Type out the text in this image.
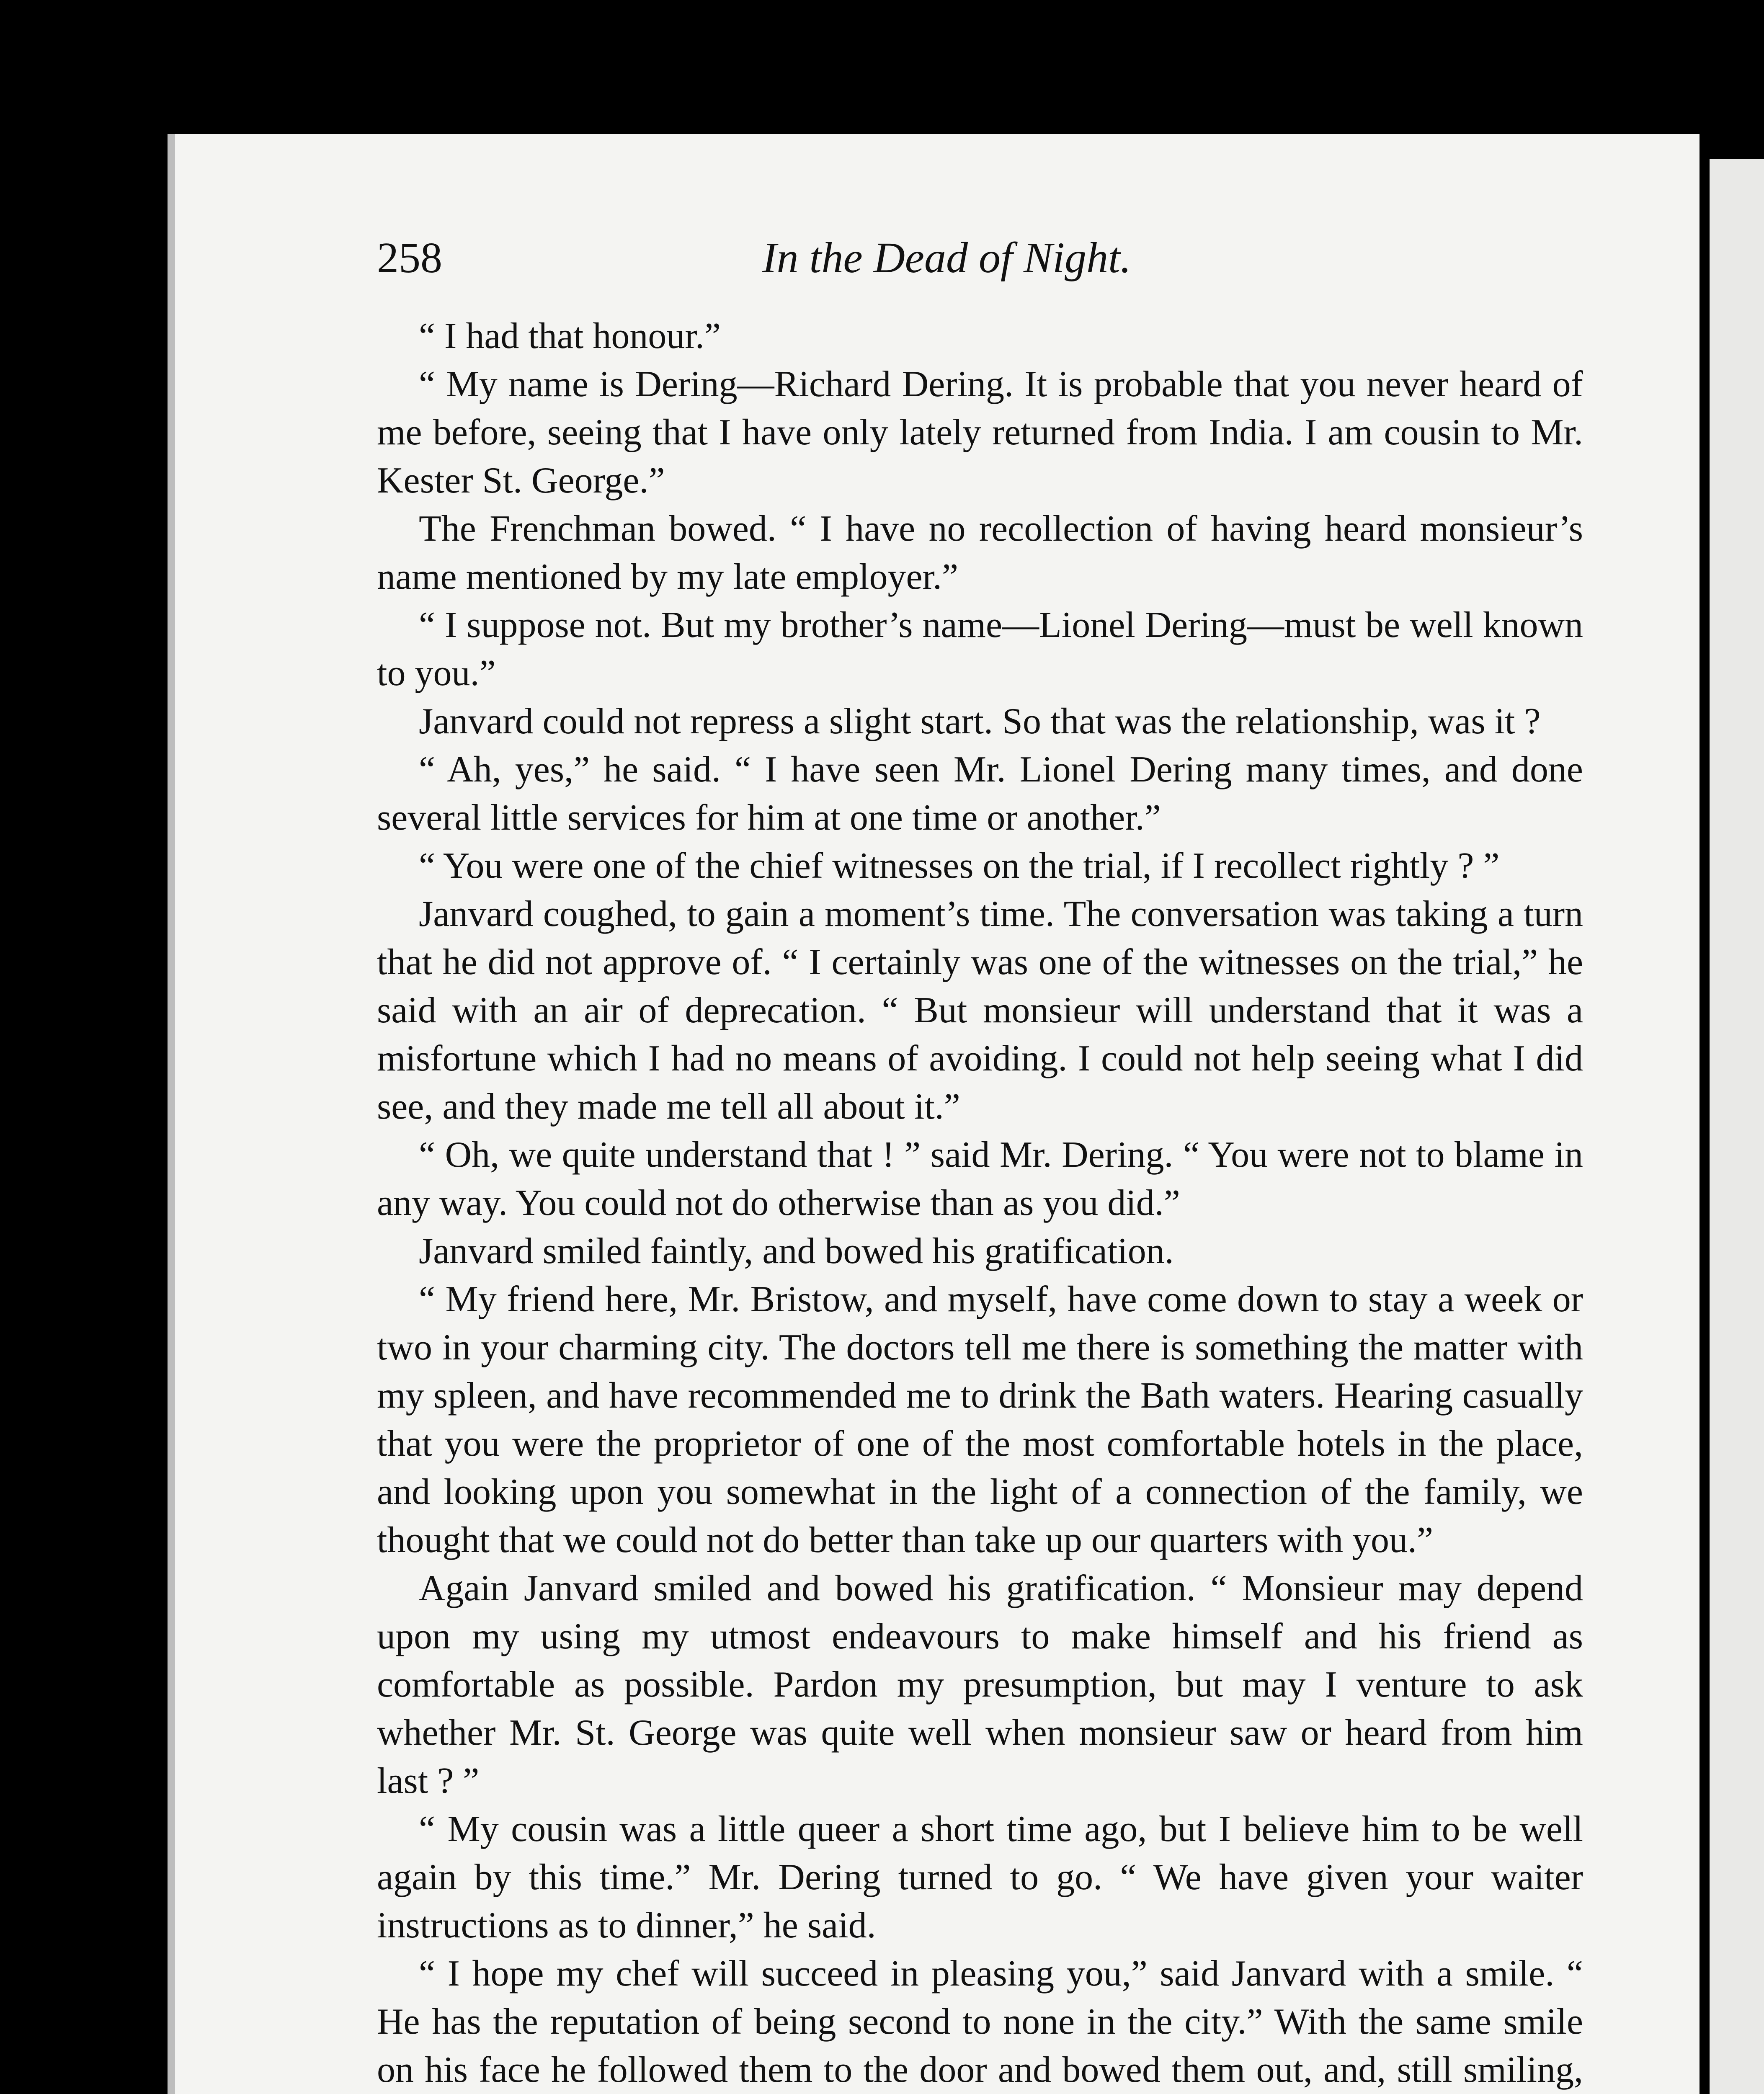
258	In the Dead of Night.

“ I had that honour.”

“ My name is Dering—Richard Dering. It is probable that you never heard of me before, seeing that I have only lately returned from India. I am cousin to Mr. Kester St. George.”

The Frenchman bowed. “ I have no recollection of having heard monsieur’s name mentioned by my late employer.”

“ I suppose not. But my brother’s name—Lionel Dering—must be well known to you.”

Janvard could not repress a slight start. So that was the relationship, was it ?

“ Ah, yes,” he said. “ I have seen Mr. Lionel Dering many times, and done several little services for him at one time or another.”

“ You were one of the chief witnesses on the trial, if I recollect rightly ? ”

Janvard coughed, to gain a moment’s time. The conversation was taking a turn that he did not approve of. “ I certainly was one of the witnesses on the trial,” he said with an air of deprecation. “ But monsieur will understand that it was a misfortune which I had no means of avoiding. I could not help seeing what I did see, and they made me tell all about it.”

“ Oh, we quite understand that ! ” said Mr. Dering. “ You were not to blame in any way. You could not do otherwise than as you did.”

Janvard smiled faintly, and bowed his gratification.

“ My friend here, Mr. Bristow, and myself, have come down to stay a week or two in your charming city. The doctors tell me there is something the matter with my spleen, and have recommended me to drink the Bath waters. Hearing casually that you were the proprietor of one of the most comfortable hotels in the place, and looking upon you somewhat in the light of a connection of the family, we thought that we could not do better than take up our quarters with you.”

Again Janvard smiled and bowed his gratification. “ Monsieur may depend upon my using my utmost endeavours to make himself and his friend as comfortable as possible. Pardon my presumption, but may I venture to ask whether Mr. St. George was quite well when monsieur saw or heard from him last ? ”

“ My cousin was a little queer a short time ago, but I believe him to be well again by this time.” Mr. Dering turned to go. “ We have given your waiter instructions as to dinner,” he said.

“ I hope my chef will succeed in pleasing you,” said Janvard with a smile. “ He has the reputation of being second to none in the city.” With the same smile on his face he followed them to the door and bowed them out, and, still smiling,
